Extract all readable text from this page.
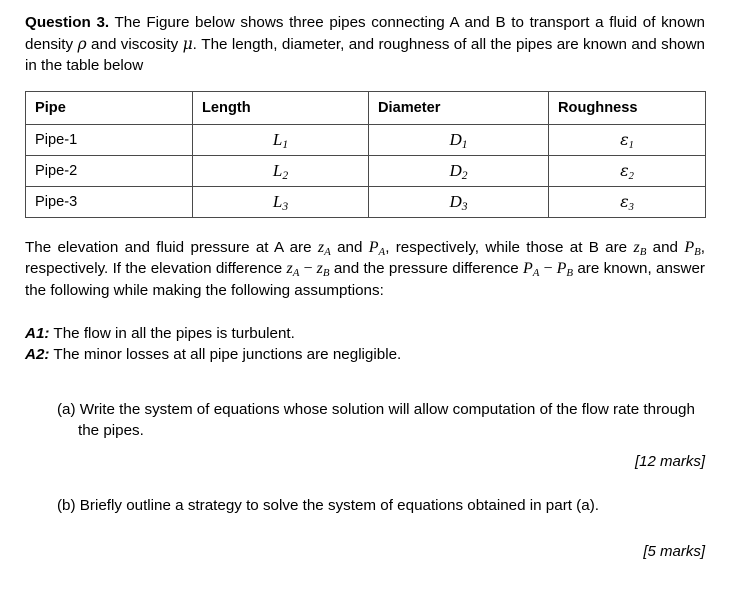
Question 3. The Figure below shows three pipes connecting A and B to transport a fluid of known density ρ and viscosity μ. The length, diameter, and roughness of all the pipes are known and shown in the table below

Pipe	Length	Diameter	Roughness
Pipe-1	$L_1$	$D_1$	$\varepsilon_1$
Pipe-2	$L_2$	$D_2$	$\varepsilon_2$
Pipe-3	$L_3$	$D_3$	$\varepsilon_3$

The elevation and fluid pressure at A are $z_A$ and $P_A$, respectively, while those at B are $z_B$ and $P_B$, respectively. If the elevation difference $z_A - z_B$ and the pressure difference $P_A - P_B$ are known, answer the following while making the following assumptions:

A1: The flow in all the pipes is turbulent.
A2: The minor losses at all pipe junctions are negligible.

(a) Write the system of equations whose solution will allow computation of the flow rate through the pipes.

[12 marks]

(b) Briefly outline a strategy to solve the system of equations obtained in part (a).

[5 marks]
